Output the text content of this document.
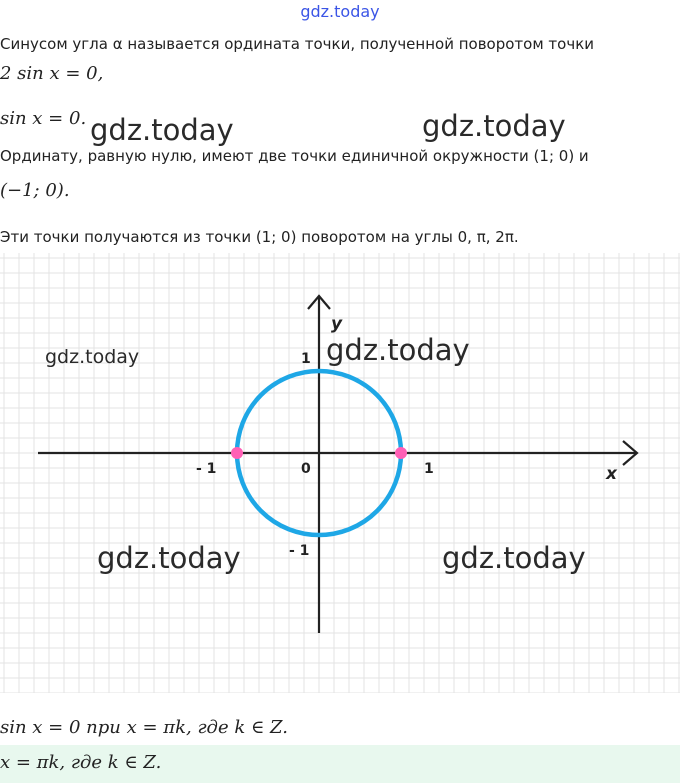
gdz.today
Синусом угла α называется ордината точки, полученной поворотом точки
2 sin x = 0,
sin x = 0. gdz.today	gdz.today
Ординату, равную нулю, имеют две точки единичной окружности (1; 0) и
(−1; 0).
Эти точки получаются из точки (1; 0) поворотом на углы 0, π, 2π.
y
x
1
1
- 1	0
- 1
gdz.today	gdz.today
gdz.today	gdz.today
sin x = 0 при x = πk, где k ∈ Z.
x = πk, где k ∈ Z.
